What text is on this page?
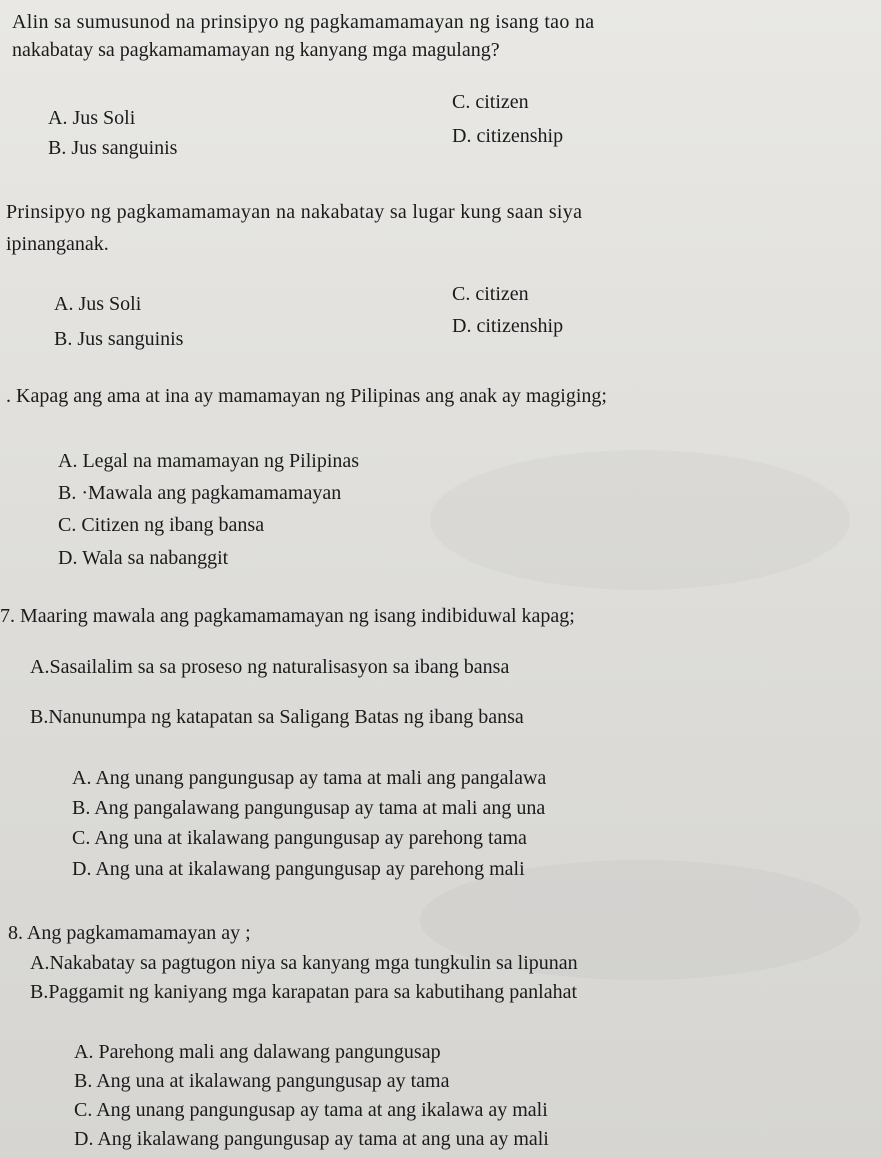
Alin sa sumusunod na prinsipyo ng pagkamamamayan ng isang tao na
nakabatay sa pagkamamamayan ng kanyang mga magulang?
A. Jus Soli
B. Jus sanguinis
C. citizen
D. citizenship
Prinsipyo ng pagkamamamayan na nakabatay sa lugar kung saan siya
ipinanganak.
A. Jus Soli
B. Jus sanguinis
C. citizen
D. citizenship
. Kapag ang ama at ina ay mamamayan ng Pilipinas ang anak ay magiging;
A. Legal na mamamayan ng Pilipinas
B. ·Mawala ang pagkamamamayan
C. Citizen ng ibang bansa
D. Wala sa nabanggit
7. Maaring mawala ang pagkamamamayan ng isang indibiduwal kapag;
A.Sasailalim sa sa proseso ng naturalisasyon sa ibang bansa
B.Nanunumpa ng katapatan sa Saligang Batas ng ibang bansa
A. Ang unang pangungusap ay tama at mali ang pangalawa
B. Ang pangalawang pangungusap ay tama at mali ang una
C. Ang una at ikalawang pangungusap ay parehong tama
D. Ang una at ikalawang pangungusap ay parehong mali
8. Ang pagkamamamayan ay ;
A.Nakabatay sa pagtugon niya sa kanyang mga tungkulin sa lipunan
B.Paggamit ng kaniyang mga karapatan para sa kabutihang panlahat
A. Parehong mali ang dalawang pangungusap
B. Ang una at ikalawang pangungusap ay tama
C. Ang unang pangungusap ay tama at ang ikalawa ay mali
D. Ang ikalawang pangungusap ay tama at ang una ay mali
